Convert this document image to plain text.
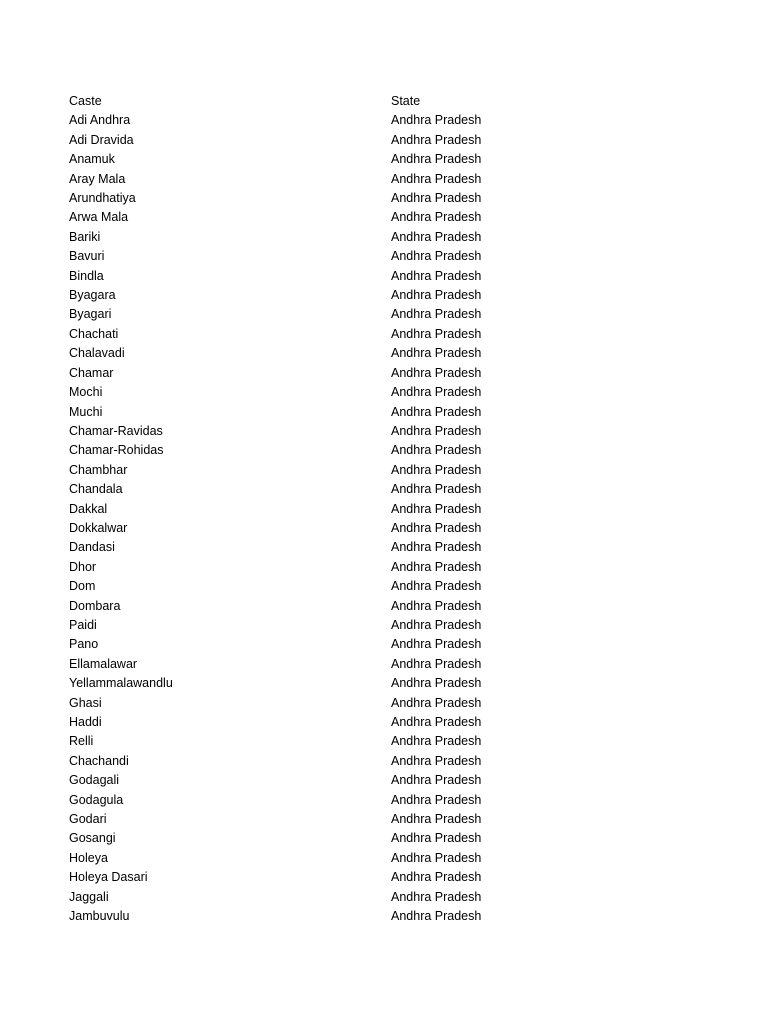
Caste	State
Adi Andhra	Andhra Pradesh
Adi Dravida	Andhra Pradesh
Anamuk	Andhra Pradesh
Aray Mala	Andhra Pradesh
Arundhatiya	Andhra Pradesh
Arwa Mala	Andhra Pradesh
Bariki	Andhra Pradesh
Bavuri	Andhra Pradesh
Bindla	Andhra Pradesh
Byagara	Andhra Pradesh
Byagari	Andhra Pradesh
Chachati	Andhra Pradesh
Chalavadi	Andhra Pradesh
Chamar	Andhra Pradesh
Mochi	Andhra Pradesh
Muchi	Andhra Pradesh
Chamar-Ravidas	Andhra Pradesh
Chamar-Rohidas	Andhra Pradesh
Chambhar	Andhra Pradesh
Chandala	Andhra Pradesh
Dakkal	Andhra Pradesh
Dokkalwar	Andhra Pradesh
Dandasi	Andhra Pradesh
Dhor	Andhra Pradesh
Dom	Andhra Pradesh
Dombara	Andhra Pradesh
Paidi	Andhra Pradesh
Pano	Andhra Pradesh
Ellamalawar	Andhra Pradesh
Yellammalawandlu	Andhra Pradesh
Ghasi	Andhra Pradesh
Haddi	Andhra Pradesh
Relli	Andhra Pradesh
Chachandi	Andhra Pradesh
Godagali	Andhra Pradesh
Godagula	Andhra Pradesh
Godari	Andhra Pradesh
Gosangi	Andhra Pradesh
Holeya	Andhra Pradesh
Holeya Dasari	Andhra Pradesh
Jaggali	Andhra Pradesh
Jambuvulu	Andhra Pradesh
